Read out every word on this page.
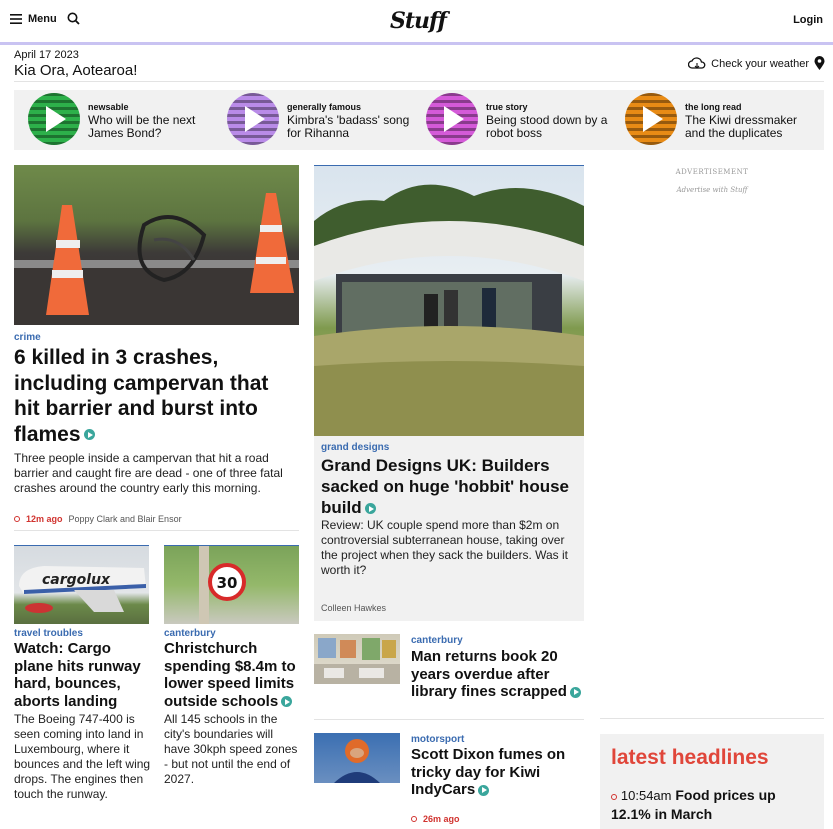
Menu	Stuff	Login
April 17 2023
Kia Ora, Aotearoa!	Check your weather
newsable
Who will be the next James Bond?
generally famous
Kimbra's 'badass' song for Rihanna
true story
Being stood down by a robot boss
the long read
The Kiwi dressmaker and the duplicates
crime
6 killed in 3 crashes, including campervan that hit barrier and burst into flames
Three people inside a campervan that hit a road barrier and caught fire are dead - one of three fatal crashes around the country early this morning.
12m ago Poppy Clark and Blair Ensor
grand designs
Grand Designs UK: Builders sacked on huge 'hobbit' house build
Review: UK couple spend more than $2m on controversial subterranean house, taking over the project when they sack the builders. Was it worth it?
Colleen Hawkes
cargolux
travel troubles
Watch: Cargo plane hits runway hard, bounces, aborts landing
The Boeing 747-400 is seen coming into land in Luxembourg, where it bounces and the left wing drops. The engines then touch the runway.
30
canterbury
Christchurch spending $8.4m to lower speed limits outside schools
All 145 schools in the city's boundaries will have 30kph speed zones - but not until the end of 2027.
canterbury
Man returns book 20 years overdue after library fines scrapped
motorsport
Scott Dixon fumes on tricky day for Kiwi IndyCars
26m ago
ADVERTISEMENT
Advertise with Stuff
latest headlines
10:54am Food prices up 12.1% in March
